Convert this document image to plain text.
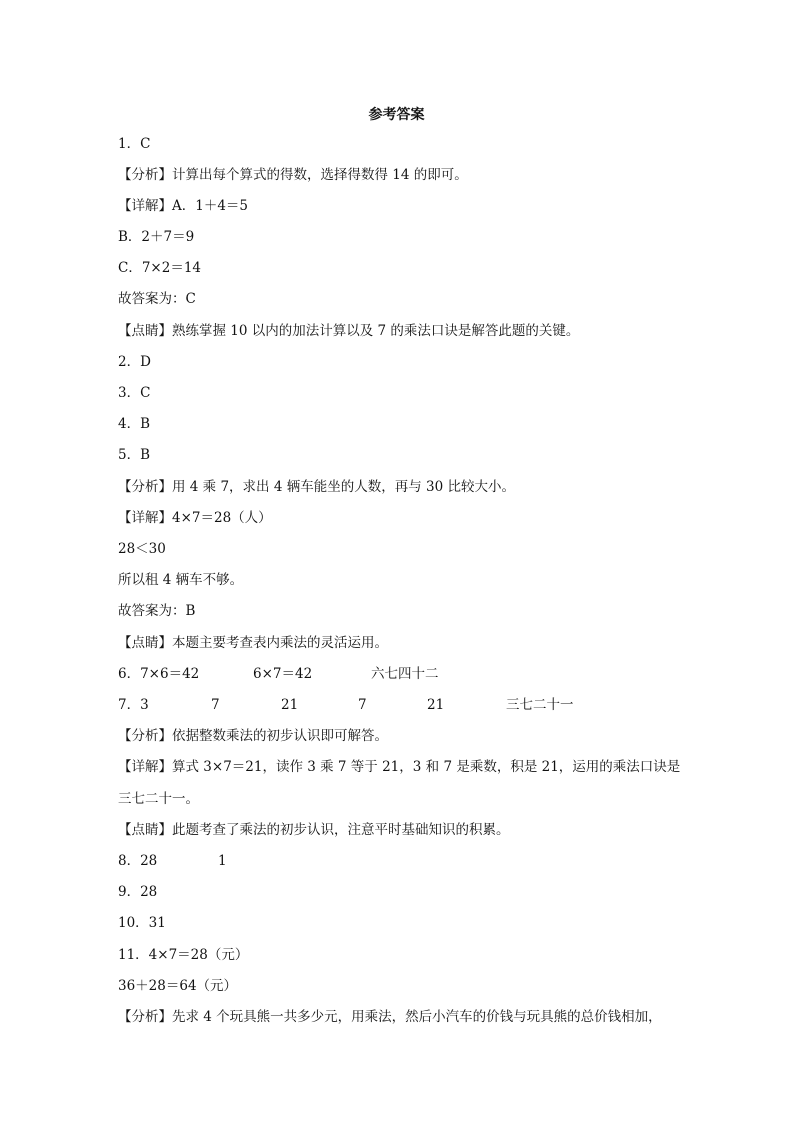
参考答案
1．C
【分析】计算出每个算式的得数，选择得数得 14 的即可。
【详解】A．1＋4＝5
B．2＋7＝9
C．7×2＝14
故答案为：C
【点睛】熟练掌握 10 以内的加法计算以及 7 的乘法口诀是解答此题的关键。
2．D
3．C
4．B
5．B
【分析】用 4 乘 7，求出 4 辆车能坐的人数，再与 30 比较大小。
【详解】4×7＝28（人）
28＜30
所以租 4 辆车不够。
故答案为：B
【点睛】本题主要考查表内乘法的灵活运用。
6．7×6＝42	6×7＝42	六七四十二
7．3	7	21	7	21	三七二十一
【分析】依据整数乘法的初步认识即可解答。
【详解】算式 3×7＝21，读作 3 乘 7 等于 21，3 和 7 是乘数，积是 21，运用的乘法口诀是
三七二十一。
【点睛】此题考查了乘法的初步认识，注意平时基础知识的积累。
8．28	1
9．28
10．31
11．4×7＝28（元）
36＋28＝64（元）
【分析】先求 4 个玩具熊一共多少元，用乘法，然后小汽车的价钱与玩具熊的总价钱相加，
